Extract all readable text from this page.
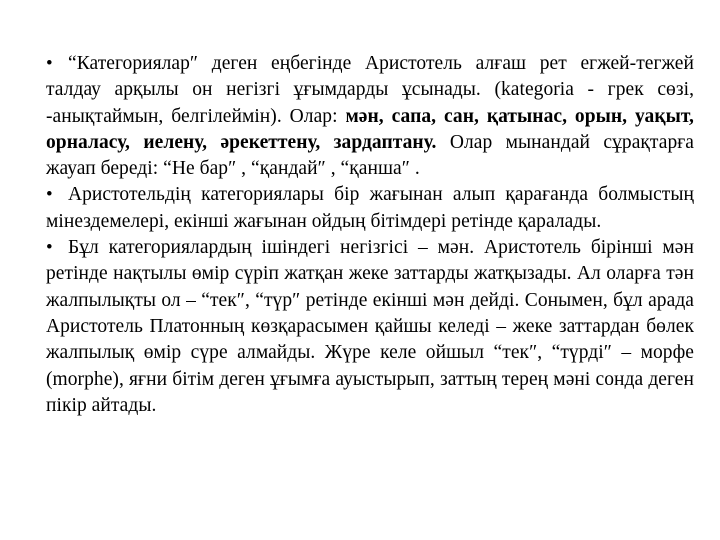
• “Категориялар″ деген еңбегінде Аристотель алғаш рет егжей-тегжей талдау арқылы он негізгі ұғымдарды ұсынады. (kategoria - грек сөзі, -анықтаймын, белгілеймін). Олар: мән, сапа, сан, қатынас, орын, уақыт, орналасу, иелену, әрекеттену, зардаптану. Олар мынандай сұрақтарға жауап береді: “Не бар″ , “қандай″ , “қанша″ .

• Аристотельдің категориялары бір жағынан алып қарағанда болмыстың мінездемелері, екінші жағынан ойдың бітімдері ретінде қаралады.

• Бұл категориялардың ішіндегі негізгісі – мән. Аристотель бірінші мән ретінде нақтылы өмір сүріп жатқан жеке заттарды жатқызады. Ал оларға тән жалпылықты ол – “тек″, “түр″ ретінде екінші мән дейді. Сонымен, бұл арада Аристотель Платонның көзқарасымен қайшы келеді – жеке заттардан бөлек жалпылық өмір сүре алмайды. Жүре келе ойшыл “тек″, “түрді″ – морфе (morphe), яғни бітім деген ұғымға ауыстырып, заттың терең мәні сонда деген пікір айтады.
